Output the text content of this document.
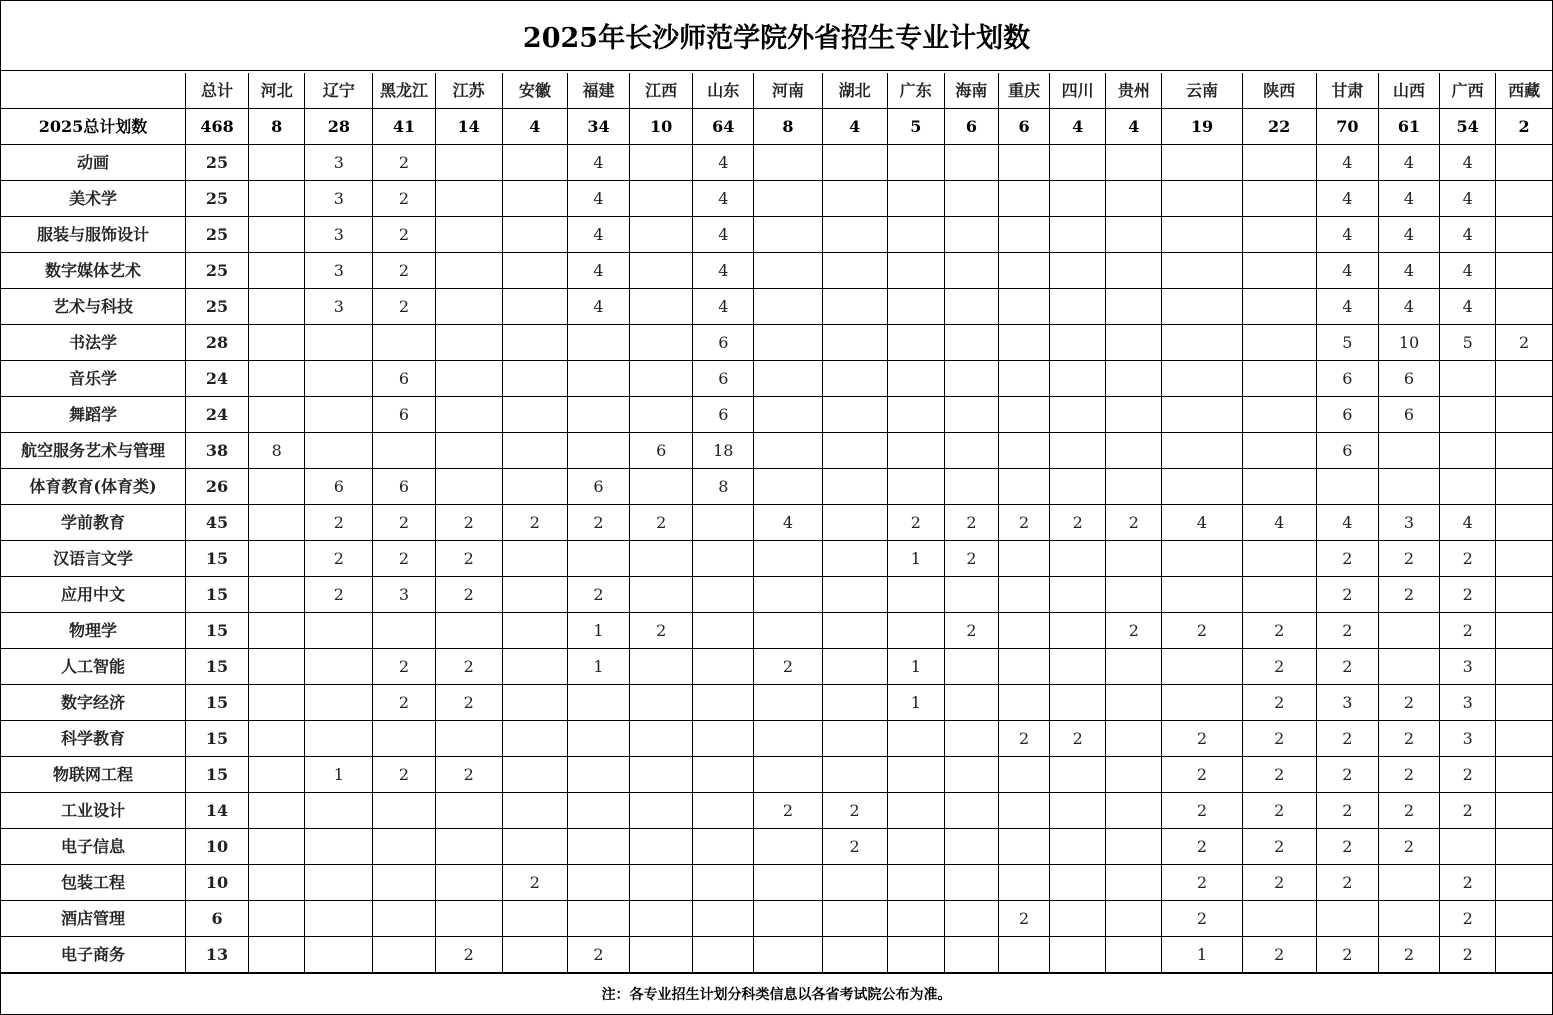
2025年长沙师范学院外省招生专业计划数
	总计	河北	辽宁	黑龙江	江苏	安徽	福建	江西	山东	河南	湖北	广东	海南	重庆	四川	贵州	云南	陕西	甘肃	山西	广西	西藏
2025总计划数	468	8	28	41	14	4	34	10	64	8	4	5	6	6	4	4	19	22	70	61	54	2
动画	25		3	2			4		4										4	4	4	
美术学	25		3	2			4		4										4	4	4	
服装与服饰设计	25		3	2			4		4										4	4	4	
数字媒体艺术	25		3	2			4		4										4	4	4	
艺术与科技	25		3	2			4		4										4	4	4	
书法学	28								6										5	10	5	2
音乐学	24			6					6										6	6		
舞蹈学	24			6					6										6	6		
航空服务艺术与管理	38	8						6	18										6			
体育教育(体育类)	26		6	6			6		8													
学前教育	45		2	2	2	2	2	2		4		2	2	2	2	2	4	4	4	3	4	
汉语言文学	15		2	2	2							1	2						2	2	2	
应用中文	15		2	3	2		2												2	2	2	
物理学	15						1	2					2			2	2	2	2		2	
人工智能	15			2	2		1			2		1						2	2		3	
数字经济	15			2	2							1						2	3	2	3	
科学教育	15													2	2		2	2	2	2	3	
物联网工程	15		1	2	2												2	2	2	2	2	
工业设计	14									2	2						2	2	2	2	2	
电子信息	10										2						2	2	2	2		
包装工程	10					2											2	2	2		2	
酒店管理	6													2			2				2	
电子商务	13				2		2										1	2	2	2	2	
注：各专业招生计划分科类信息以各省考试院公布为准。
